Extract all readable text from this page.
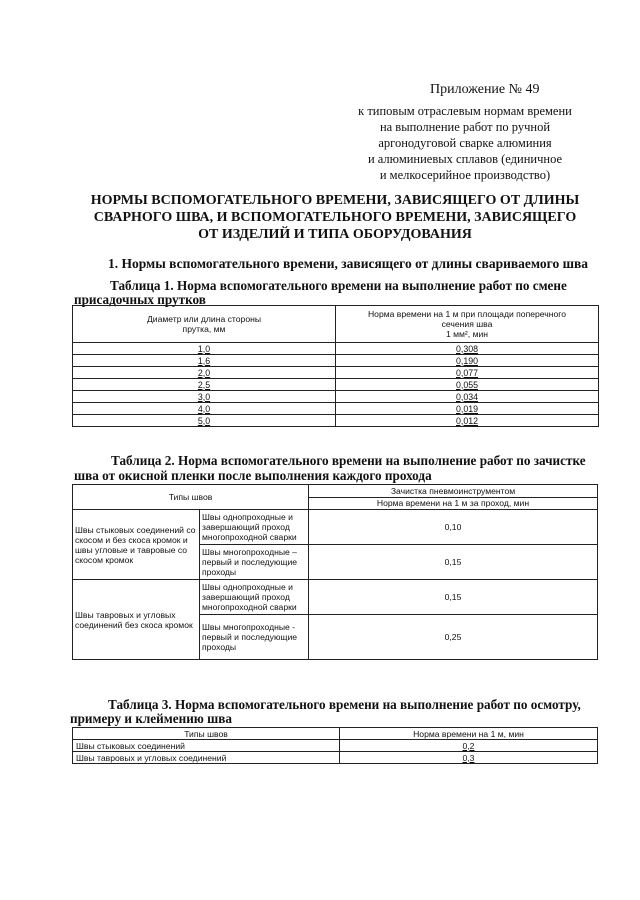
Приложение № 49
к типовым отраслевым нормам времени
на выполнение работ по ручной
аргонодуговой сварке алюминия
и алюминиевых сплавов (единичное
и мелкосерийное производство)
НОРМЫ ВСПОМОГАТЕЛЬНОГО ВРЕМЕНИ, ЗАВИСЯЩЕГО ОТ ДЛИНЫ
СВАРНОГО ШВА, И ВСПОМОГАТЕЛЬНОГО ВРЕМЕНИ, ЗАВИСЯЩЕГО
ОТ ИЗДЕЛИЙ И ТИПА ОБОРУДОВАНИЯ
1. Нормы вспомогательного времени, зависящего от длины свариваемого шва
Таблица 1. Норма вспомогательного времени на выполнение работ по смене
присадочных прутков
Диаметр или длина стороны прутка, мм	Норма времени на 1 м при площади поперечного
сечения шва
1 мм², мин

1,0	0,308
1,6	0,190
2,0	0,077
2,5	0,055
3,0	0,034
4,0	0,019
5,0	0,012
Таблица 2. Норма вспомогательного времени на выполнение работ по зачистке
шва от окисной пленки после выполнения каждого прохода
Типы швов		Зачистка пневмоинструментом
		Норма времени на 1 м за проход, мин
Швы стыковых соединений со скосом и без скоса кромок и швы угловые и тавровые со скосом кромок	Швы однопроходные и завершающий проход многопроходной сварки	0,10
	Швы многопроходные – первый и последующие проходы	0,15
Швы тавровых и угловых соединений без скоса кромок	Швы однопроходные и завершающий проход многопроходной сварки	0,15
	Швы многопроходные - первый и последующие проходы	0,25
Таблица 3. Норма вспомогательного времени на выполнение работ по осмотру,
примеру и клеймению шва
Типы швов	Норма времени на 1 м, мин
Швы стыковых соединений	0,2
Швы тавровых и угловых соединений	0,3
